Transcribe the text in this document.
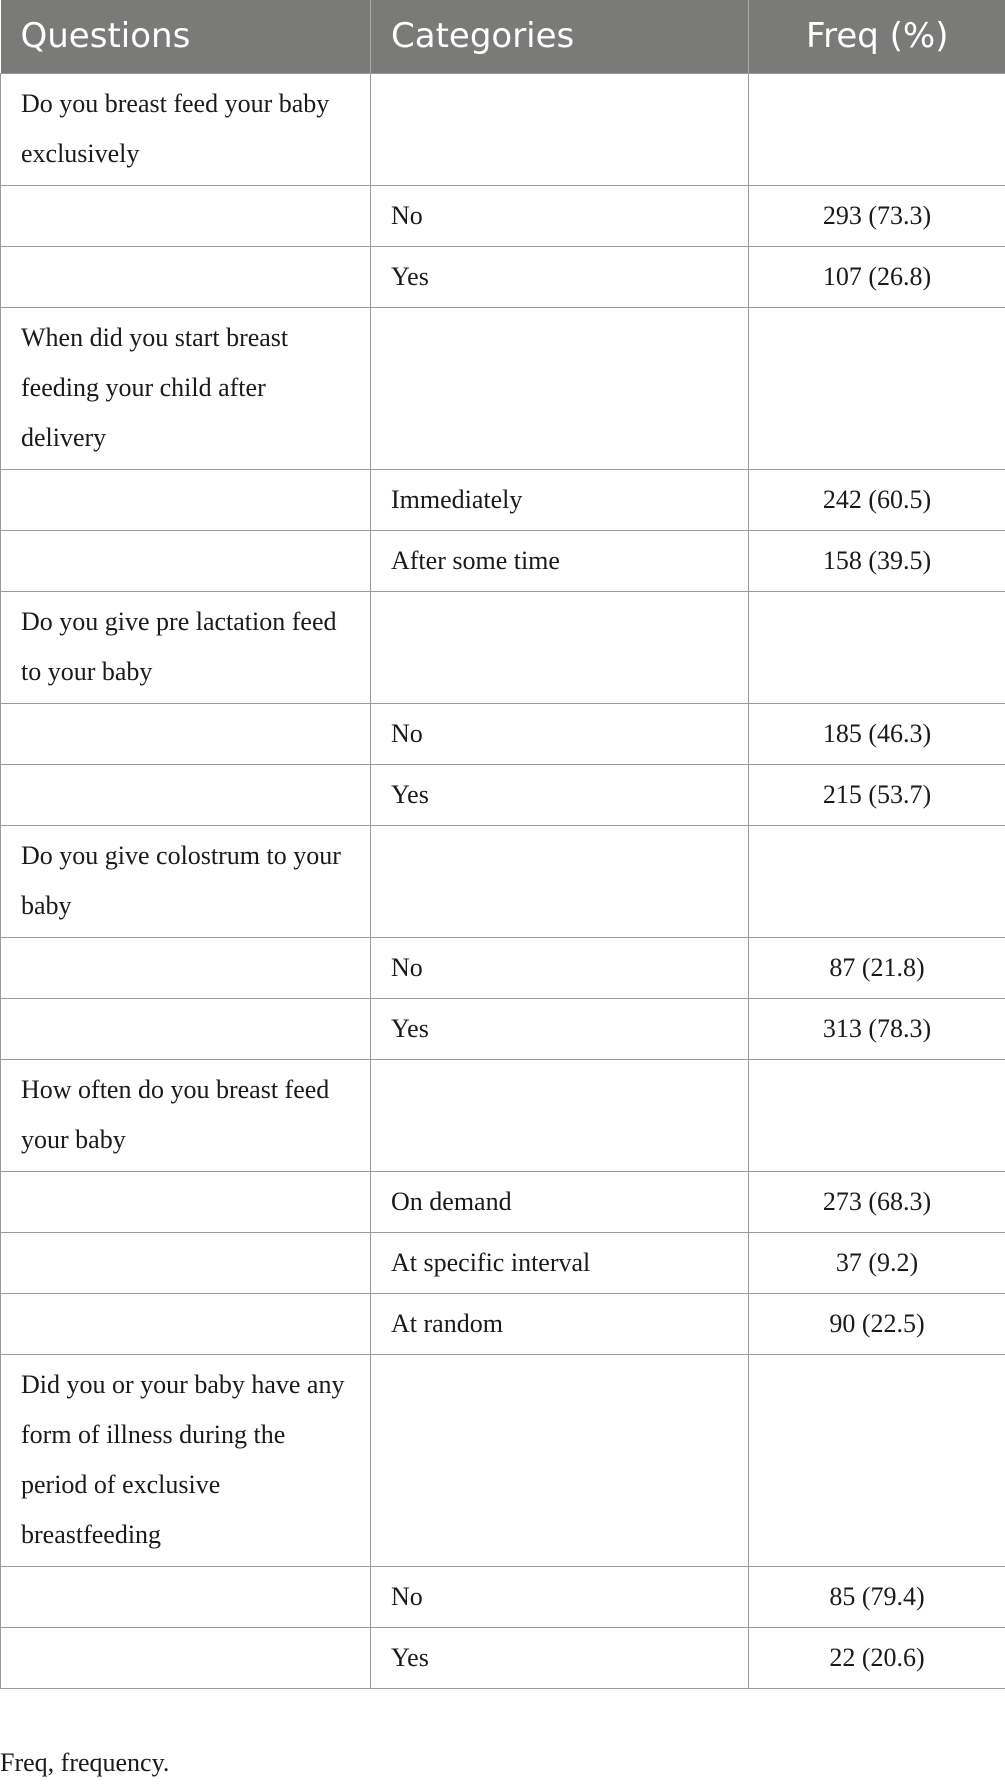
Questions	Categories	Freq (%)
Do you breast feed your baby exclusively		
	No	293 (73.3)
	Yes	107 (26.8)
When did you start breast feeding your child after delivery		
	Immediately	242 (60.5)
	After some time	158 (39.5)
Do you give pre lactation feed to your baby		
	No	185 (46.3)
	Yes	215 (53.7)
Do you give colostrum to your baby		
	No	87 (21.8)
	Yes	313 (78.3)
How often do you breast feed your baby		
	On demand	273 (68.3)
	At specific interval	37 (9.2)
	At random	90 (22.5)
Did you or your baby have any form of illness during the period of exclusive breastfeeding		
	No	85 (79.4)
	Yes	22 (20.6)
Freq, frequency.
